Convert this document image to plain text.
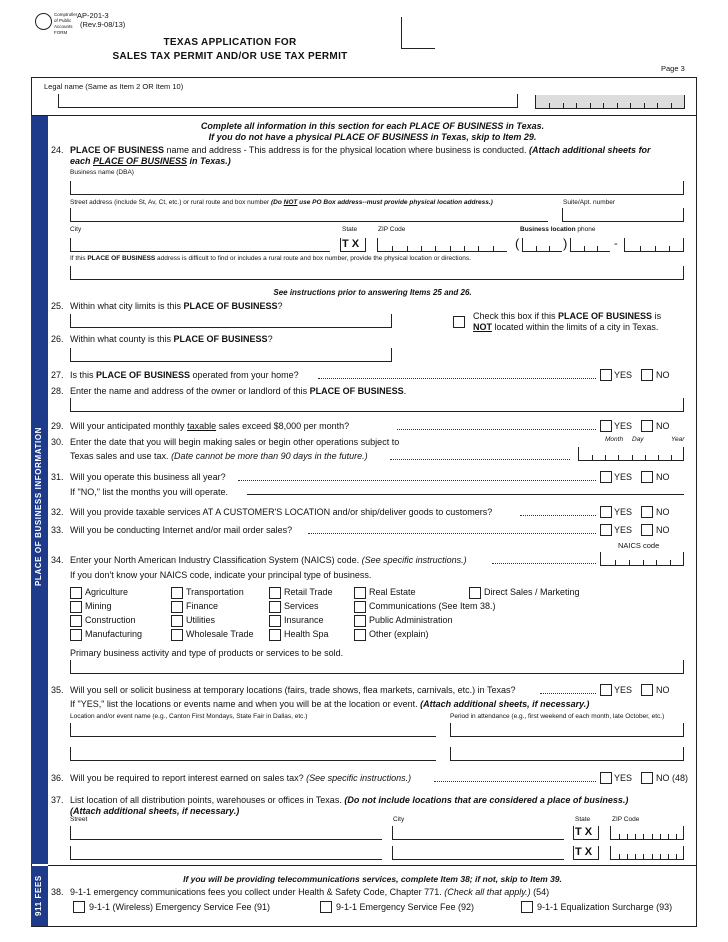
Comptroller of Public Accounts FORM
AP-201-3
(Rev.9-08/13)
TEXAS APPLICATION FOR
SALES TAX PERMIT AND/OR USE TAX PERMIT
Page 3
Legal name (Same as Item 2 OR Item 10)
PLACE OF BUSINESS INFORMATION
911 FEES
Complete all information in this section for each PLACE OF BUSINESS in Texas.
If you do not have a physical PLACE OF BUSINESS in Texas, skip to Item 29.
24. PLACE OF BUSINESS name and address - This address is for the physical location where business is conducted. (Attach additional sheets for
each PLACE OF BUSINESS in Texas.)
Business name (DBA)
Street address (include St, Av, Ct, etc.) or rural route and box number (Do NOT use PO Box address--must provide physical location address.)	Suite/Apt. number
City	State	ZIP Code	Business location phone
TX	(	)	-
If this PLACE OF BUSINESS address is difficult to find or includes a rural route and box number, provide the physical location or directions.
See instructions prior to answering Items 25 and 26.
25. Within what city limits is this PLACE OF BUSINESS?
Check this box if this PLACE OF BUSINESS is
NOT located within the limits of a city in Texas.
26. Within what county is this PLACE OF BUSINESS?
27. Is this PLACE OF BUSINESS operated from your home?	YES	NO
28. Enter the name and address of the owner or landlord of this PLACE OF BUSINESS.
29. Will your anticipated monthly taxable sales exceed $8,000 per month?	YES	NO
30. Enter the date that you will begin making sales or begin other operations subject to	Month Day	Year
Texas sales and use tax. (Date cannot be more than 90 days in the future.)
31. Will you operate this business all year?	YES	NO
If "NO," list the months you will operate.
32. Will you provide taxable services AT A CUSTOMER'S LOCATION and/or ship/deliver goods to customers?	YES	NO
33. Will you be conducting Internet and/or mail order sales?	YES	NO
NAICS code
34. Enter your North American Industry Classification System (NAICS) code. (See specific instructions.)
If you don't know your NAICS code, indicate your principal type of business.
Agriculture
Mining
Construction
Manufacturing
Transportation
Finance
Utilities
Wholesale Trade
Retail Trade
Services
Insurance
Health Spa
Real Estate
Communications (See Item 38.)
Public Administration
Other (explain)
Direct Sales / Marketing
Primary business activity and type of products or services to be sold.
35. Will you sell or solicit business at temporary locations (fairs, trade shows, flea markets, carnivals, etc.) in Texas?	YES	NO
If "YES," list the locations or events name and when you will be at the location or event. (Attach additional sheets, if necessary.)
Location and/or event name (e.g., Canton First Mondays, State Fair in Dallas, etc.)	Period in attendance (e.g., first weekend of each month, late October, etc.)
36. Will you be required to report interest earned on sales tax? (See specific instructions.)	YES	NO (48)
37. List location of all distribution points, warehouses or offices in Texas. (Do not include locations that are considered a place of business.)
(Attach additional sheets, if necessary.)
Street	City	State	ZIP Code
TX
TX
If you will be providing telecommunications services, complete Item 38; if not, skip to Item 39.
38. 9-1-1 emergency communications fees you collect under Health & Safety Code, Chapter 771. (Check all that apply.) (54)
9-1-1 (Wireless) Emergency Service Fee (91)	9-1-1 Emergency Service Fee (92)	9-1-1 Equalization Surcharge (93)
